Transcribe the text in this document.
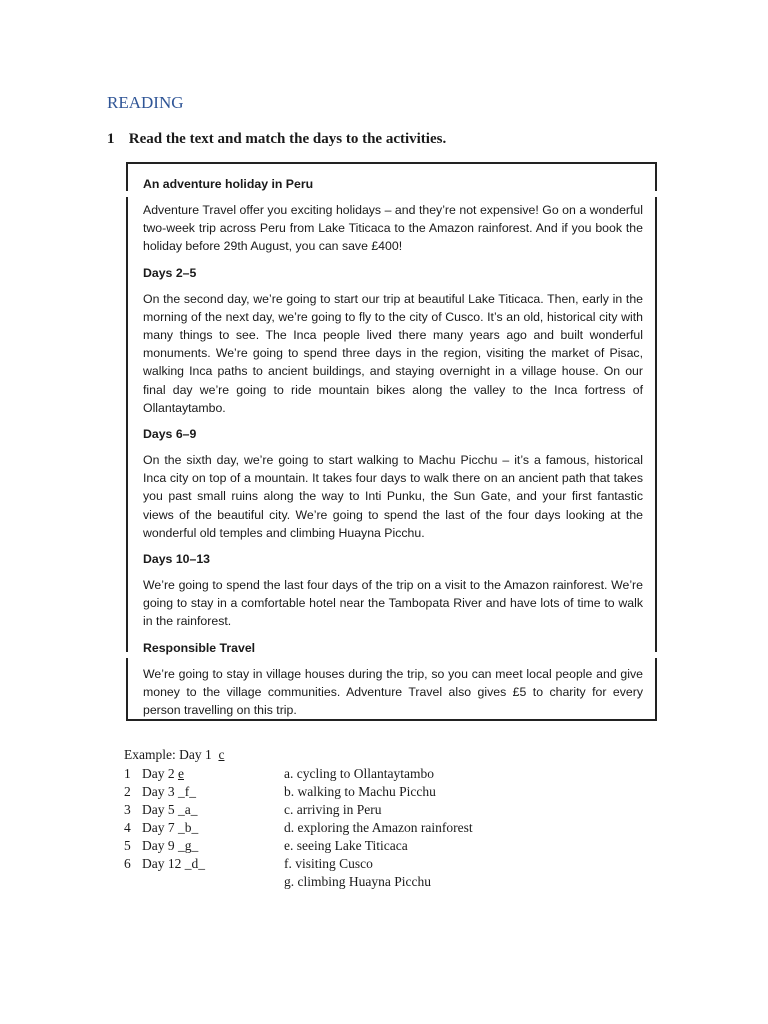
READING
1 Read the text and match the days to the activities.
An adventure holiday in Peru

Adventure Travel offer you exciting holidays – and they’re not expensive! Go on a wonderful two-week trip across Peru from Lake Titicaca to the Amazon rainforest. And if you book the holiday before 29th August, you can save £400!

Days 2–5

On the second day, we’re going to start our trip at beautiful Lake Titicaca. Then, early in the morning of the next day, we’re going to fly to the city of Cusco. It’s an old, historical city with many things to see. The Inca people lived there many years ago and built wonderful monuments. We’re going to spend three days in the region, visiting the market of Pisac, walking Inca paths to ancient buildings, and staying overnight in a village house. On our final day we’re going to ride mountain bikes along the valley to the Inca fortress of Ollantaytambo.

Days 6–9

On the sixth day, we’re going to start walking to Machu Picchu – it’s a famous, historical Inca city on top of a mountain. It takes four days to walk there on an ancient path that takes you past small ruins along the way to Inti Punku, the Sun Gate, and your first fantastic views of the beautiful city. We’re going to spend the last of the four days looking at the wonderful old temples and climbing Huayna Picchu.

Days 10–13

We’re going to spend the last four days of the trip on a visit to the Amazon rainforest. We’re going to stay in a comfortable hotel near the Tambopata River and have lots of time to walk in the rainforest.

Responsible Travel

We’re going to stay in village houses during the trip, so you can meet local people and give money to the village communities. Adventure Travel also gives £5 to charity for every person travelling on this trip.

Example: Day 1 c
1 Day 2 e
2 Day 3 _f_
3 Day 5 _a_
4 Day 7 _b_
5 Day 9 _g_
6 Day 12 _d_
a. cycling to Ollantaytambo
b. walking to Machu Picchu
c. arriving in Peru
d. exploring the Amazon rainforest
e. seeing Lake Titicaca
f. visiting Cusco
g. climbing Huayna Picchu
